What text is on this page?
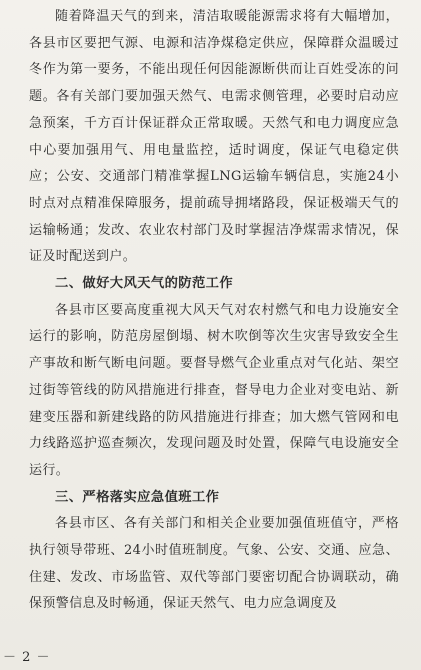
随着降温天气的到来，清洁取暖能源需求将有大幅增加，各县市区要把气源、电源和洁净煤稳定供应，保障群众温暖过冬作为第一要务，不能出现任何因能源断供而让百姓受冻的问题。各有关部门要加强天然气、电需求侧管理，必要时启动应急预案，千方百计保证群众正常取暖。天然气和电力调度应急中心要加强用气、用电量监控，适时调度，保证气电稳定供应；公安、交通部门精准掌握LNG运输车辆信息，实施24小时点对点精准保障服务，提前疏导拥堵路段，保证极端天气的运输畅通；发改、农业农村部门及时掌握洁净煤需求情况，保证及时配送到户。

二、做好大风天气的防范工作

各县市区要高度重视大风天气对农村燃气和电力设施安全运行的影响，防范房屋倒塌、树木吹倒等次生灾害导致安全生产事故和断气断电问题。要督导燃气企业重点对气化站、架空过街等管线的防风措施进行排查，督导电力企业对变电站、新建变压器和新建线路的防风措施进行排查；加大燃气管网和电力线路巡护巡查频次，发现问题及时处置，保障气电设施安全运行。

三、严格落实应急值班工作

各县市区、各有关部门和相关企业要加强值班值守，严格执行领导带班、24小时值班制度。气象、公安、交通、应急、住建、发改、市场监管、双代等部门要密切配合协调联动，确保预警信息及时畅通，保证天然气、电力应急调度及

－ 2 －
